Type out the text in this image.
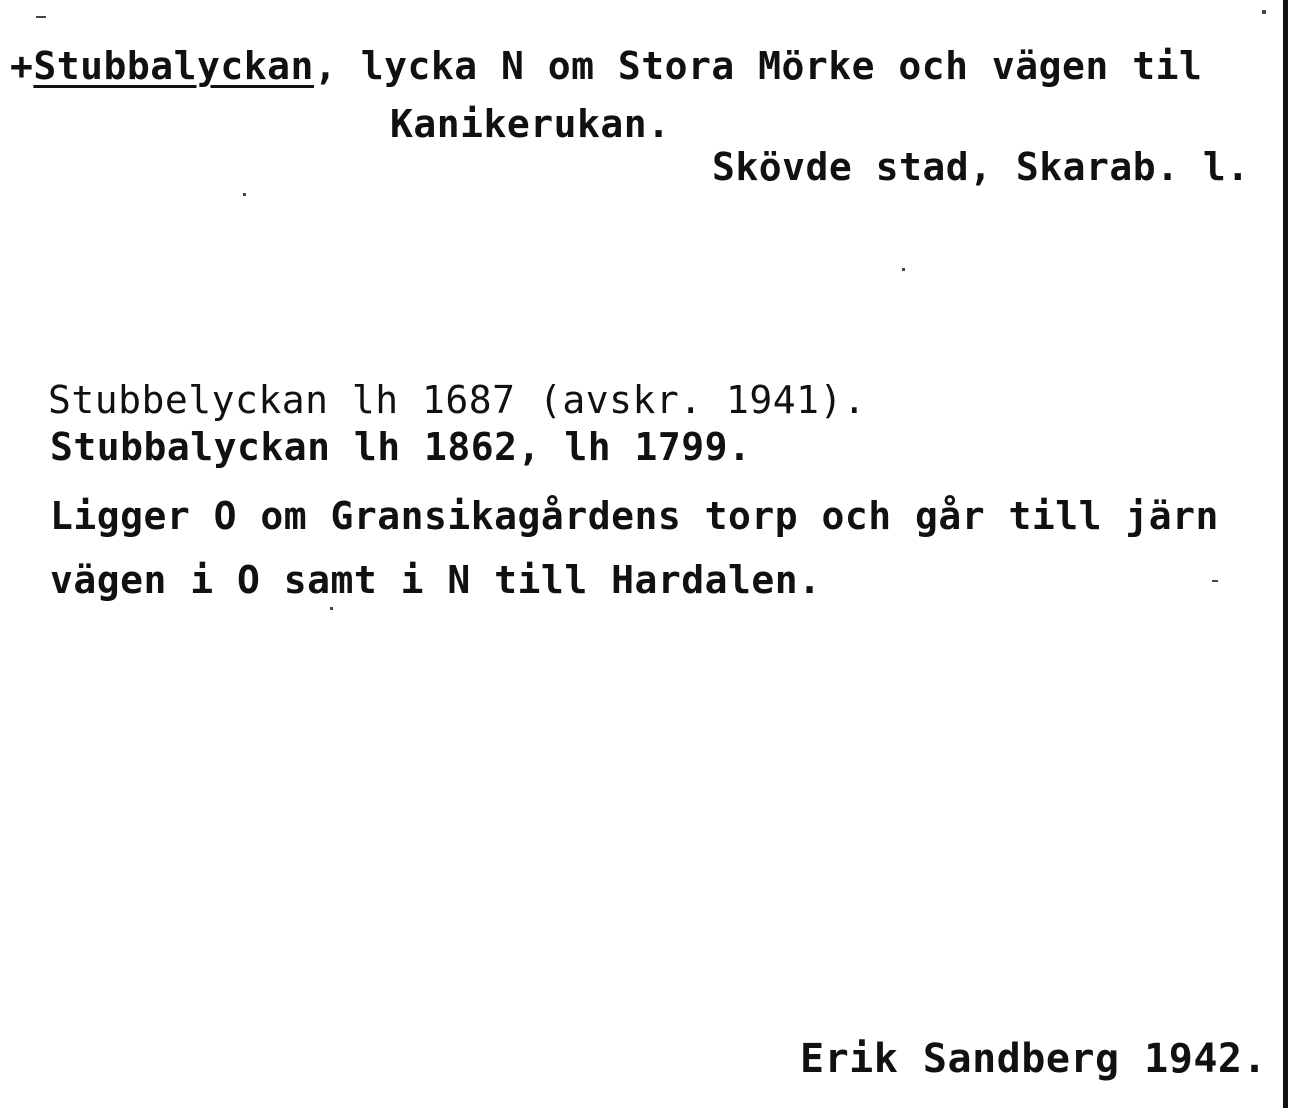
+Stubbalyckan, lycka N om Stora Mörke och vägen til
Kanikerukan.
Skövde stad, Skarab. l.
Stubbelyckan lh 1687 (avskr. 1941).
Stubbalyckan lh 1862, lh 1799.
Ligger O om Gransikagårdens torp och går till järn
vägen i O samt i N till Hardalen.
Erik Sandberg 1942.
